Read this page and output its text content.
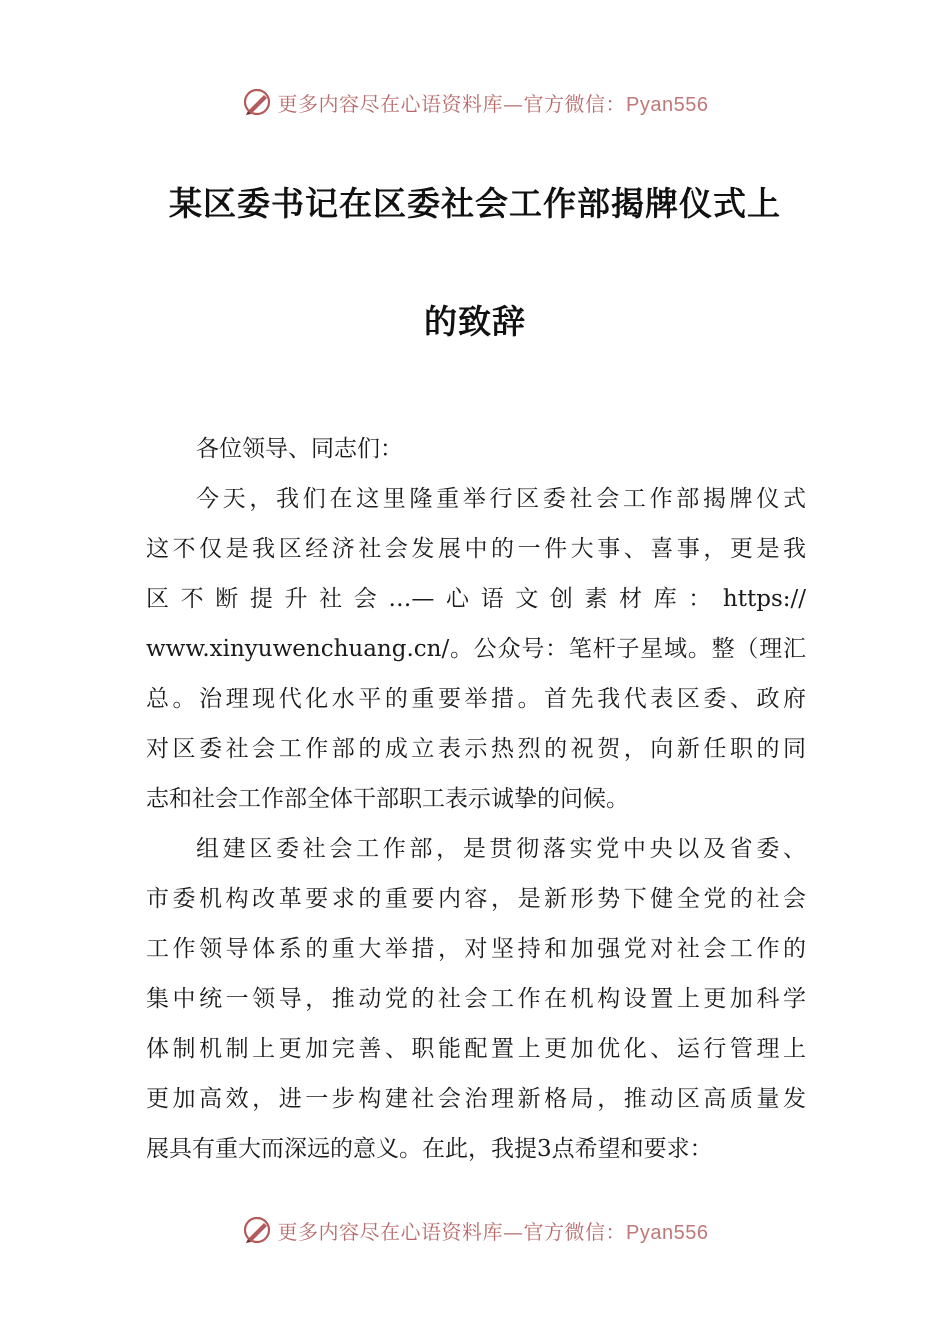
更多内容尽在心语资料库—官方微信：Pyan556
某区委书记在区委社会工作部揭牌仪式上
的致辞
各位领导、同志们：
今天，我们在这里隆重举行区委社会工作部揭牌仪式
这不仅是我区经济社会发展中的一件大事、喜事，更是我
区不断提升社会…—心语文创素材库：https://
www.xinyuwenchuang.cn/。公众号：笔杆子星域。整（理汇
总。治理现代化水平的重要举措。首先我代表区委、政府
对区委社会工作部的成立表示热烈的祝贺，向新任职的同
志和社会工作部全体干部职工表示诚挚的问候。
组建区委社会工作部，是贯彻落实党中央以及省委、
市委机构改革要求的重要内容，是新形势下健全党的社会
工作领导体系的重大举措，对坚持和加强党对社会工作的
集中统一领导，推动党的社会工作在机构设置上更加科学
体制机制上更加完善、职能配置上更加优化、运行管理上
更加高效，进一步构建社会治理新格局，推动区高质量发
展具有重大而深远的意义。在此，我提3点希望和要求：
更多内容尽在心语资料库—官方微信：Pyan556
